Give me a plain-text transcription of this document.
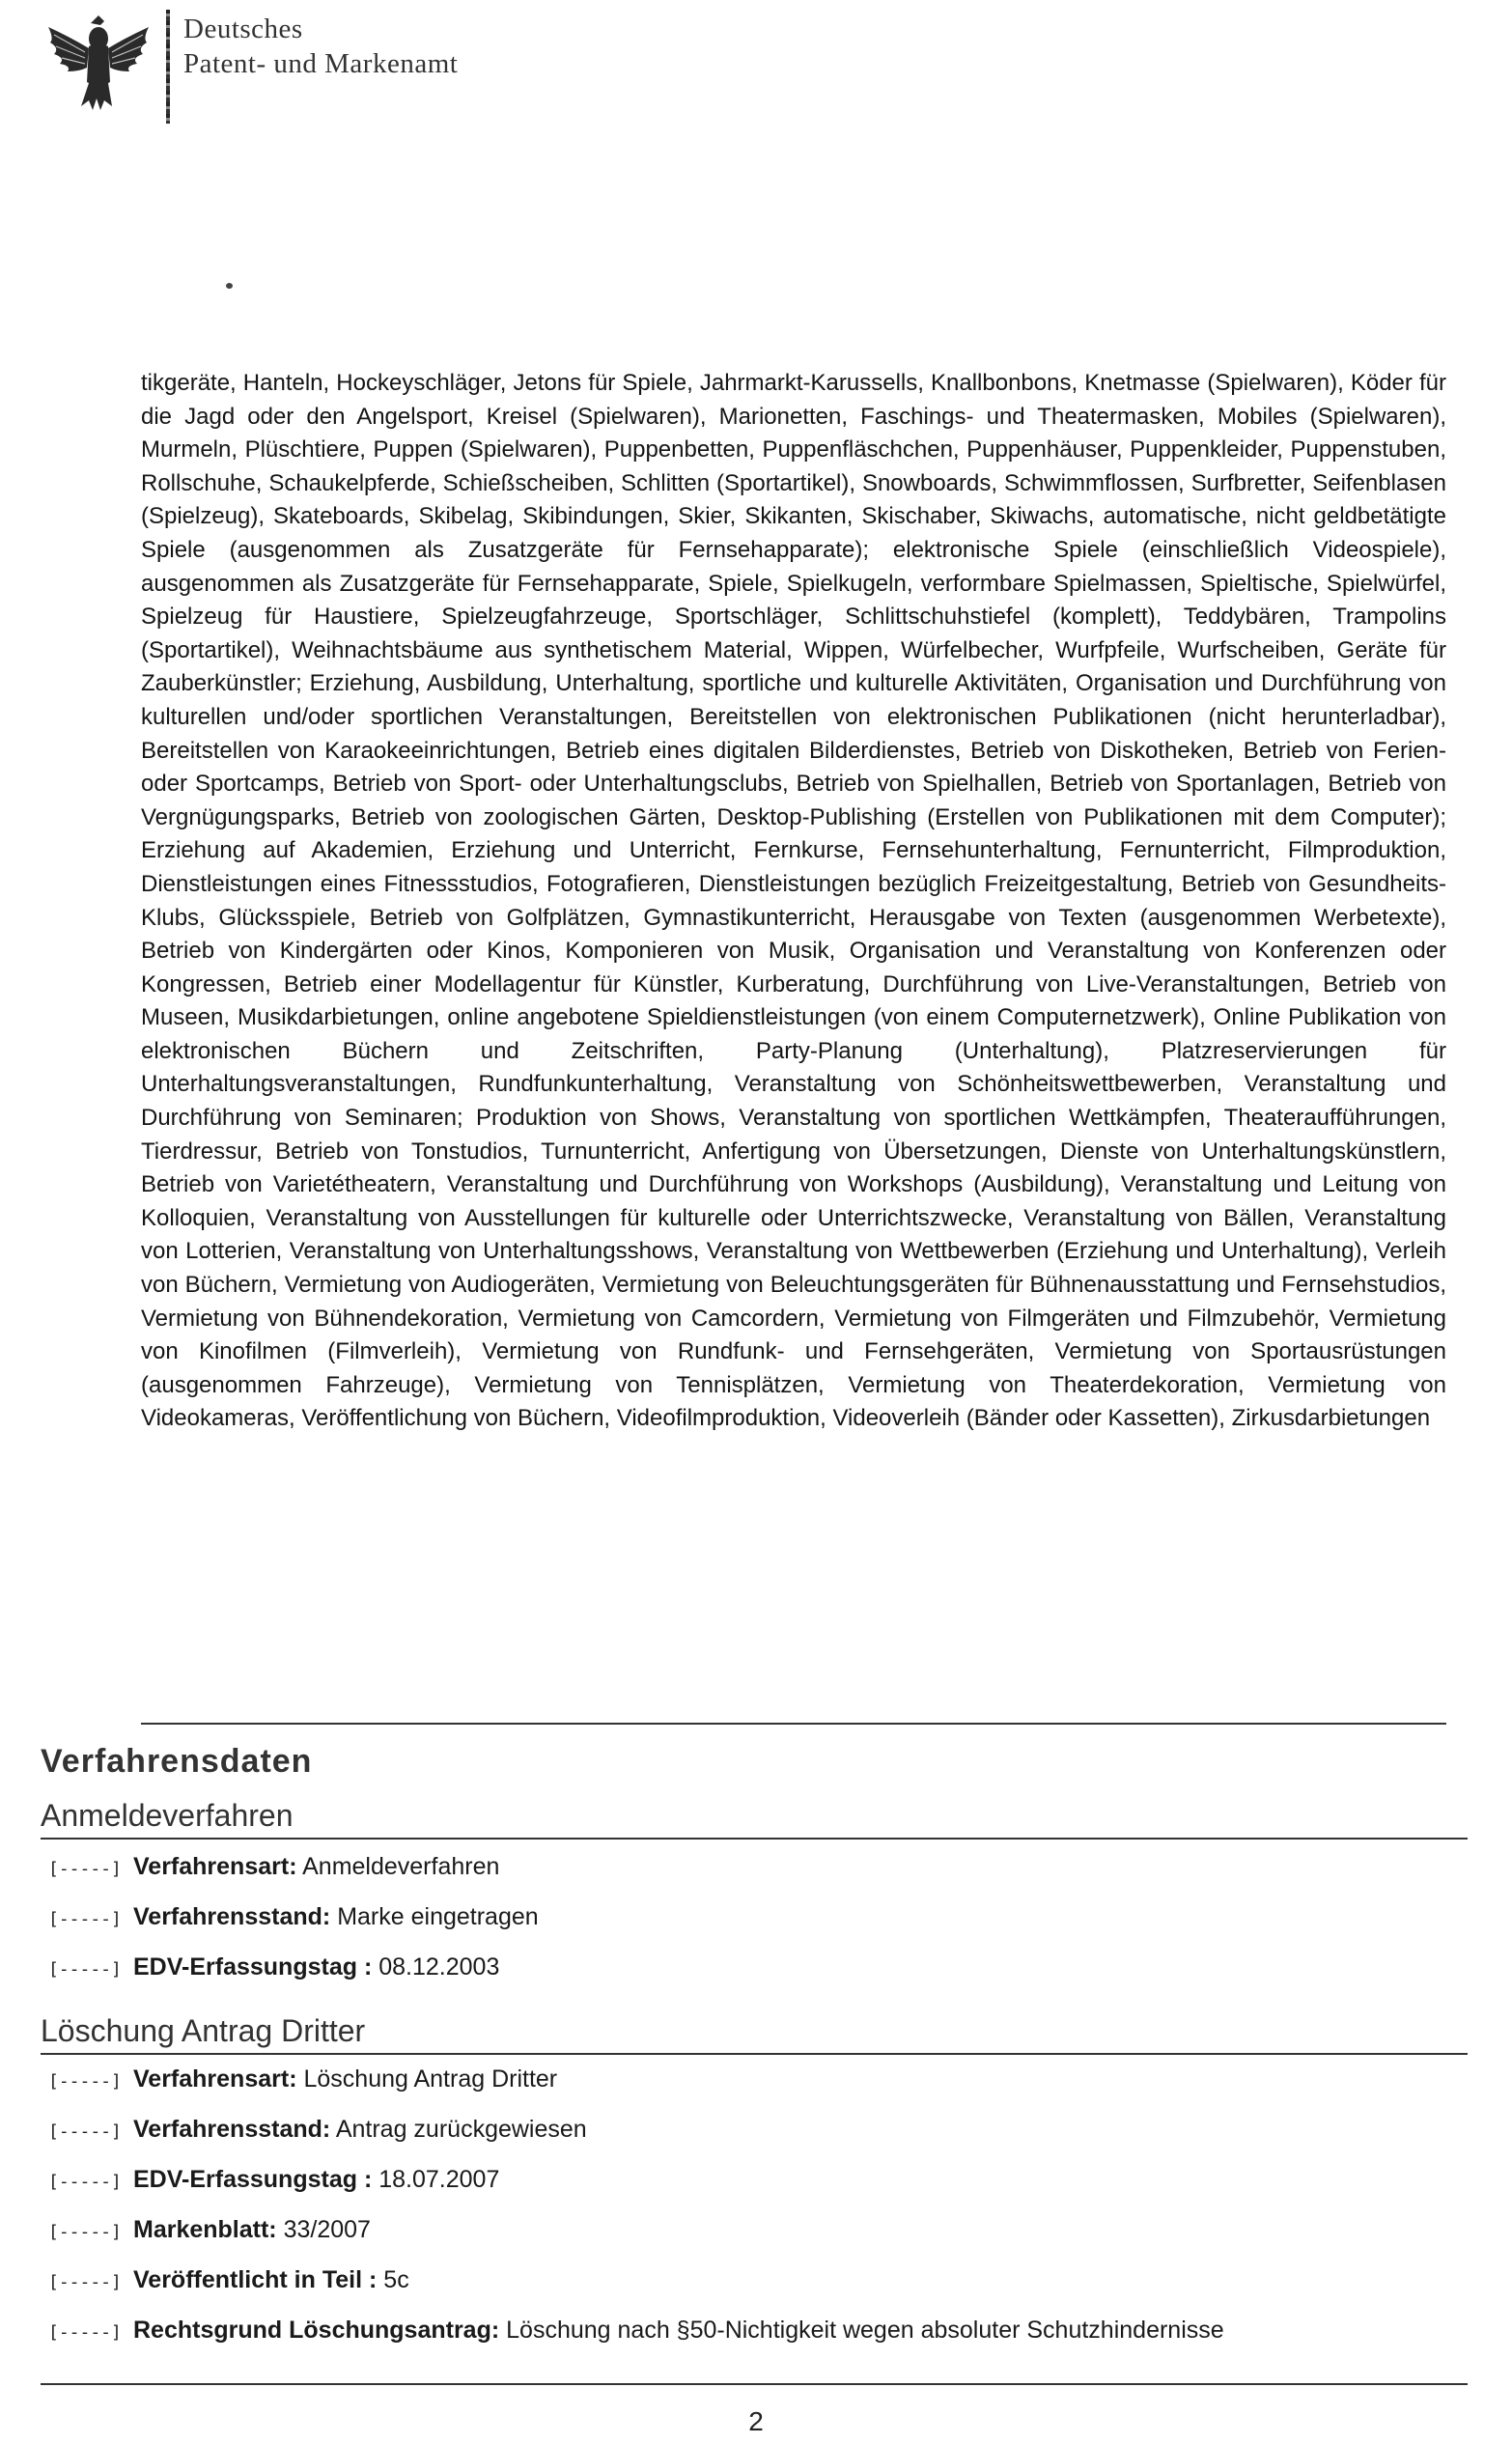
Deutsches
Patent- und Markenamt

tikgeräte, Hanteln, Hockeyschläger, Jetons für Spiele, Jahrmarkt-Karussells, Knallbonbons, Knetmasse (Spielwaren), Köder für die Jagd oder den Angelsport, Kreisel (Spielwaren), Marionetten, Faschings- und Theatermasken, Mobiles (Spielwaren), Murmeln, Plüschtiere, Puppen (Spielwaren), Puppenbetten, Puppenfläschchen, Puppenhäuser, Puppenkleider, Puppenstuben, Rollschuhe, Schaukelpferde, Schießscheiben, Schlitten (Sportartikel), Snowboards, Schwimmflossen, Surfbretter, Seifenblasen (Spielzeug), Skateboards, Skibelag, Skibindungen, Skier, Skikanten, Skischaber, Skiwachs, automatische, nicht geldbetätigte Spiele (ausgenommen als Zusatzgeräte für Fernsehapparate); elektronische Spiele (einschließlich Videospiele), ausgenommen als Zusatzgeräte für Fernsehapparate, Spiele, Spielkugeln, verformbare Spielmassen, Spieltische, Spielwürfel, Spielzeug für Haustiere, Spielzeugfahrzeuge, Sportschläger, Schlittschuhstiefel (komplett), Teddybären, Trampolins (Sportartikel), Weihnachtsbäume aus synthetischem Material, Wippen, Würfelbecher, Wurfpfeile, Wurfscheiben, Geräte für Zauberkünstler; Erziehung, Ausbildung, Unterhaltung, sportliche und kulturelle Aktivitäten, Organisation und Durchführung von kulturellen und/oder sportlichen Veranstaltungen, Bereitstellen von elektronischen Publikationen (nicht herunterladbar), Bereitstellen von Karaokeeinrichtungen, Betrieb eines digitalen Bilderdienstes, Betrieb von Diskotheken, Betrieb von Ferien- oder Sportcamps, Betrieb von Sport- oder Unterhaltungsclubs, Betrieb von Spielhallen, Betrieb von Sportanlagen, Betrieb von Vergnügungsparks, Betrieb von zoologischen Gärten, Desktop-Publishing (Erstellen von Publikationen mit dem Computer); Erziehung auf Akademien, Erziehung und Unterricht, Fernkurse, Fernsehunterhaltung, Fernunterricht, Filmproduktion, Dienstleistungen eines Fitnessstudios, Fotografieren, Dienstleistungen bezüglich Freizeitgestaltung, Betrieb von Gesundheits-Klubs, Glücksspiele, Betrieb von Golfplätzen, Gymnastikunterricht, Herausgabe von Texten (ausgenommen Werbetexte), Betrieb von Kindergärten oder Kinos, Komponieren von Musik, Organisation und Veranstaltung von Konferenzen oder Kongressen, Betrieb einer Modellagentur für Künstler, Kurberatung, Durchführung von Live-Veranstaltungen, Betrieb von Museen, Musikdarbietungen, online angebotene Spieldienstleistungen (von einem Computernetzwerk), Online Publikation von elektronischen Büchern und Zeitschriften, Party-Planung (Unterhaltung), Platzreservierungen für Unterhaltungsveranstaltungen, Rundfunkunterhaltung, Veranstaltung von Schönheitswettbewerben, Veranstaltung und Durchführung von Seminaren; Produktion von Shows, Veranstaltung von sportlichen Wettkämpfen, Theateraufführungen, Tierdressur, Betrieb von Tonstudios, Turnunterricht, Anfertigung von Übersetzungen, Dienste von Unterhaltungskünstlern, Betrieb von Varietétheatern, Veranstaltung und Durchführung von Workshops (Ausbildung), Veranstaltung und Leitung von Kolloquien, Veranstaltung von Ausstellungen für kulturelle oder Unterrichtszwecke, Veranstaltung von Bällen, Veranstaltung von Lotterien, Veranstaltung von Unterhaltungsshows, Veranstaltung von Wettbewerben (Erziehung und Unterhaltung), Verleih von Büchern, Vermietung von Audiogeräten, Vermietung von Beleuchtungsgeräten für Bühnenausstattung und Fernsehstudios, Vermietung von Bühnendekoration, Vermietung von Camcordern, Vermietung von Filmgeräten und Filmzubehör, Vermietung von Kinofilmen (Filmverleih), Vermietung von Rundfunk- und Fernsehgeräten, Vermietung von Sportausrüstungen (ausgenommen Fahrzeuge), Vermietung von Tennisplätzen, Vermietung von Theaterdekoration, Vermietung von Videokameras, Veröffentlichung von Büchern, Videofilmproduktion, Videoverleih (Bänder oder Kassetten), Zirkusdarbietungen

Verfahrensdaten
Anmeldeverfahren
[-----] Verfahrensart: Anmeldeverfahren
[-----] Verfahrensstand: Marke eingetragen
[-----] EDV-Erfassungstag : 08.12.2003
Löschung Antrag Dritter
[-----] Verfahrensart: Löschung Antrag Dritter
[-----] Verfahrensstand: Antrag zurückgewiesen
[-----] EDV-Erfassungstag : 18.07.2007
[-----] Markenblatt: 33/2007
[-----] Veröffentlicht in Teil : 5c
[-----] Rechtsgrund Löschungsantrag: Löschung nach §50-Nichtigkeit wegen absoluter Schutzhindernisse
2
